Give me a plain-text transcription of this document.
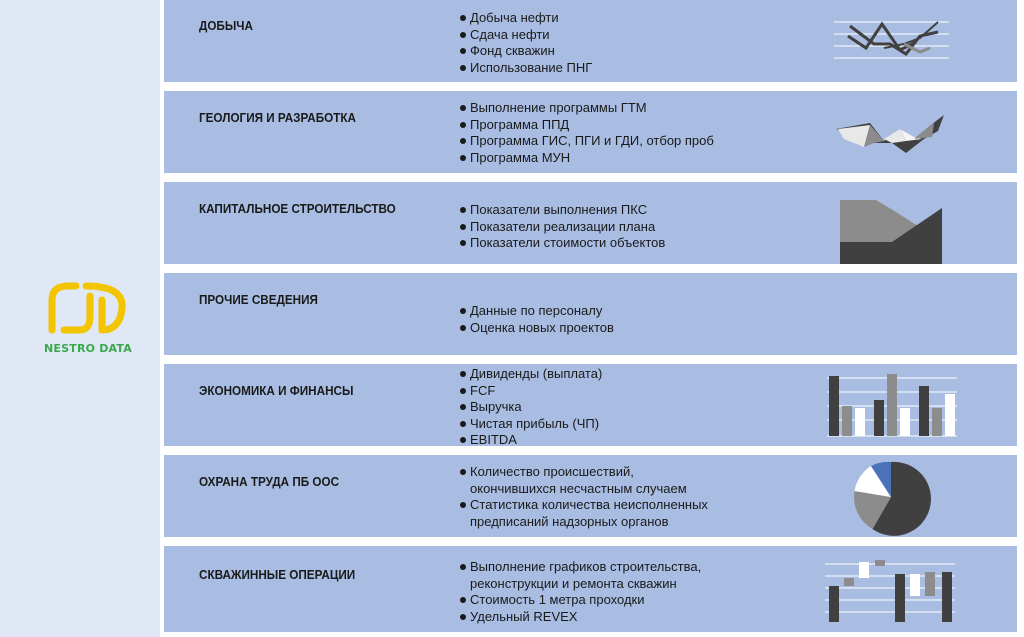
NESTRO DATA
ДОБЫЧА
Добыча нефти
Сдача нефти
Фонд скважин
Использование ПНГ
ГЕОЛОГИЯ И РАЗРАБОТКА
Выполнение программы ГТМ
Программа ППД
Программа ГИС, ПГИ и ГДИ, отбор проб
Программа МУН
КАПИТАЛЬНОЕ СТРОИТЕЛЬСТВО	Показатели выполнения ПКС
Показатели реализации плана
Показатели стоимости объектов
ПРОЧИЕ СВЕДЕНИЯ
Данные по персоналу
Оценка новых проектов
ЭКОНОМИКА И ФИНАНСЫ
Дивиденды (выплата)
FCF
Выручка
Чистая прибыль (ЧП)
EBITDA
ОХРАНА ТРУДА ПБ ООС
Количество происшествий,
окончившихся несчастным случаем
Статистика количества неисполненных
предписаний надзорных органов
СКВАЖИННЫЕ ОПЕРАЦИИ
Выполнение графиков строительства,
реконструкции и ремонта скважин
Стоимость 1 метра проходки
Удельный REVEX
